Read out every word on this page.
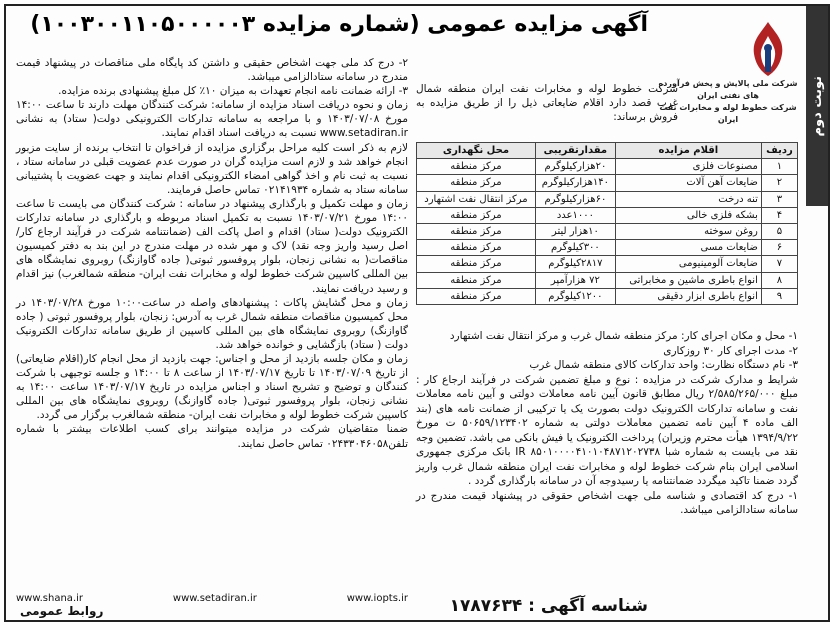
نوبت دوم
آگهی مزایده عمومی (شماره مزایده ۱۰۰۳۰۰۱۱۰۵۰۰۰۰۰۳)
شرکت ملی پالایش و پخش فرآورده های نفتی ایران
شرکت خطوط لوله و مخابرات نفت ایران
شرکت خطوط لوله و مخابرات نفت ایران منطقه شمال غرب قصد دارد اقلام ضایعاتی ذیل را از طریق مزایده به فروش برساند:
ردیف	اقلام مزایده	مقدارتقریبی	محل نگهداری
۱	مصنوعات فلزی	۲۰هزارکیلوگرم	مرکز منطقه
۲	ضایعات آهن آلات	۱۴۰هزارکیلوگرم	مرکز منطقه
۳	تنه درخت	۶۰هزارکیلوگرم	مرکز انتقال نفت اشتهارد
۴	بشکه فلزی خالی	۱۰۰۰عدد	مرکز منطقه
۵	روغن سوخته	۱۰هزار لیتر	مرکز منطقه
۶	ضایعات مسی	۳۰۰کیلوگرم	مرکز منطقه
۷	ضایعات آلومینیومی	۲۸۱۷کیلوگرم	مرکز منطقه
۸	انواع باطری ماشین و مخابراتی	۷۲ هزارآمپر	مرکز منطقه
۹	انواع باطری ابزار دقیقی	۱۲۰۰کیلوگرم	مرکز منطقه

۱- محل و مکان اجرای کار: مرکز منطقه شمال غرب و مرکز انتقال نفت اشتهارد

۲- مدت اجرای کار ۳۰ روزکاری

۳- نام دستگاه نظارت: واحد تدارکات کالای منطقه شمال غرب

شرایط و مدارک شرکت در مزایده : نوع و مبلغ تضمین شرکت در فرآیند ارجاع کار : مبلغ ۲/۵۸۵/۲۶۵/۰۰۰ ریال مطابق قانون آیین نامه معاملات دولتی و آیین نامه معاملات نفت و سامانه تدارکات الکترونیک دولت بصورت یک یا ترکیبی از ضمانت نامه های (بند الف ماده ۴ آیین نامه تضمین معاملات دولتی به شماره ۵۰۶۵۹/۱۲۳۴۰۲ ت مورخ ۱۳۹۴/۹/۲۲ هیأت محترم وزیران) پرداخت الکترونیک یا فیش بانکی می باشد. تضمین وجه نقد می بایست به شماره شبا IR ۸۵۰۱۰۰۰۰۴۱۰۱۰۴۸۷۱۲۰۲۷۳۸ بانک مرکزی جمهوری اسلامی ایران بنام شرکت خطوط لوله و مخابرات نفت ایران منطقه شمال غرب واریز گردد ضمنا تاکید میگردد ضمانتنامه یا رسیدوجه آن در سامانه بارگذاری گردد .

۱- درج کد اقتصادی و شناسه ملی جهت اشخاص حقوقی در پیشنهاد قیمت مندرج در سامانه ستادالزامی میباشد.

۲- درج کد ملی جهت اشخاص حقیقی و داشتن کد پایگاه ملی مناقصات در پیشنهاد قیمت مندرج در سامانه ستادالزامی میباشد.

۳- ارائه ضمانت نامه انجام تعهدات به میزان ۱۰٪ کل مبلغ پیشنهادی برنده مزایده.

زمان و نحوه دریافت اسناد مزایده از سامانه: شرکت کنندگان مهلت دارند تا ساعت ۱۴:۰۰ مورخ ۱۴۰۳/۰۷/۰۸ و با مراجعه به سامانه تدارکات الکترونیکی دولت( ستاد) به نشانی www.setadiran.ir نسبت به دریافت اسناد اقدام نمایند.

لازم به ذکر است کلیه مراحل برگزاری مزایده از فراخوان تا انتخاب برنده از سایت مزبور انجام خواهد شد و لازم است مزایده گران در صورت عدم عضویت قبلی در سامانه ستاد ، نسبت به ثبت نام و اخذ گواهی امضاء الکترونیکی اقدام نمایند و جهت عضویت با پشتیبانی سامانه ستاد به شماره ۰۲۱۴۱۹۳۴ تماس حاصل فرمایند.

زمان و مهلت تکمیل و بارگذاری پیشنهاد در سامانه : شرکت کنندگان می بایست تا ساعت ۱۴:۰۰ مورخ ۱۴۰۳/۰۷/۲۱ نسبت به تکمیل اسناد مربوطه و بارگذاری در سامانه تدارکات الکترونیک دولت( ستاد) اقدام و اصل پاکت الف (ضمانتنامه شرکت در فرآیند ارجاع کار/ اصل رسید واریز وجه نقد) لاک و مهر شده در مهلت مندرج در این بند به دفتر کمیسیون مناقصات( به نشانی زنجان، بلوار پروفسور ثبوتی( جاده گاوازنگ) روبروی نمایشگاه های بین المللی کاسپین شرکت خطوط لوله و مخابرات نفت ایران- منطقه شمالغرب) نیز اقدام و رسید دریافت نمایند.

زمان و محل گشایش پاکات : پیشنهادهای واصله در ساعت۱۰:۰۰ مورخ ۱۴۰۳/۰۷/۲۸ در محل کمیسیون مناقصات منطقه شمال غرب به آدرس: زنجان، بلوار پروفسور ثبوتی ( جاده گاوازنگ) روبروی نمایشگاه های بین المللی کاسپین از طریق سامانه تدارکات الکترونیک دولت ( ستاد) بازگشایی و خوانده خواهد شد.

زمان و مکان جلسه بازدید از محل و اجناس: جهت بازدید از محل انجام کار(اقلام ضایعاتی) از تاریخ ۱۴۰۳/۰۷/۰۹ تا تاریخ ۱۴۰۳/۰۷/۱۷ از ساعت ۸ تا ۱۴:۰۰ و جلسه توجیهی با شرکت کنندگان و توضیح و تشریح اسناد و اجناس مزایده در تاریخ ۱۴۰۳/۰۷/۱۷ ساعت ۱۴:۰۰ به نشانی زنجان، بلوار پروفسور ثبوتی( جاده گاوازنگ) روبروی نمایشگاه های بین المللی کاسپین شرکت خطوط لوله و مخابرات نفت ایران- منطقه شمالغرب برگزار می گردد.

ضمنا متقاضیان شرکت در مزایده میتوانند برای کسب اطلاعات بیشتر با شماره تلفن۰۲۴۳۳۰۴۶۰۵۸ تماس حاصل نمایند.

www.shana.ir	www.setadiran.ir	www.iopts.ir شناسه آگهی : ۱۷۸۷۶۳۴
روابط عمومی
